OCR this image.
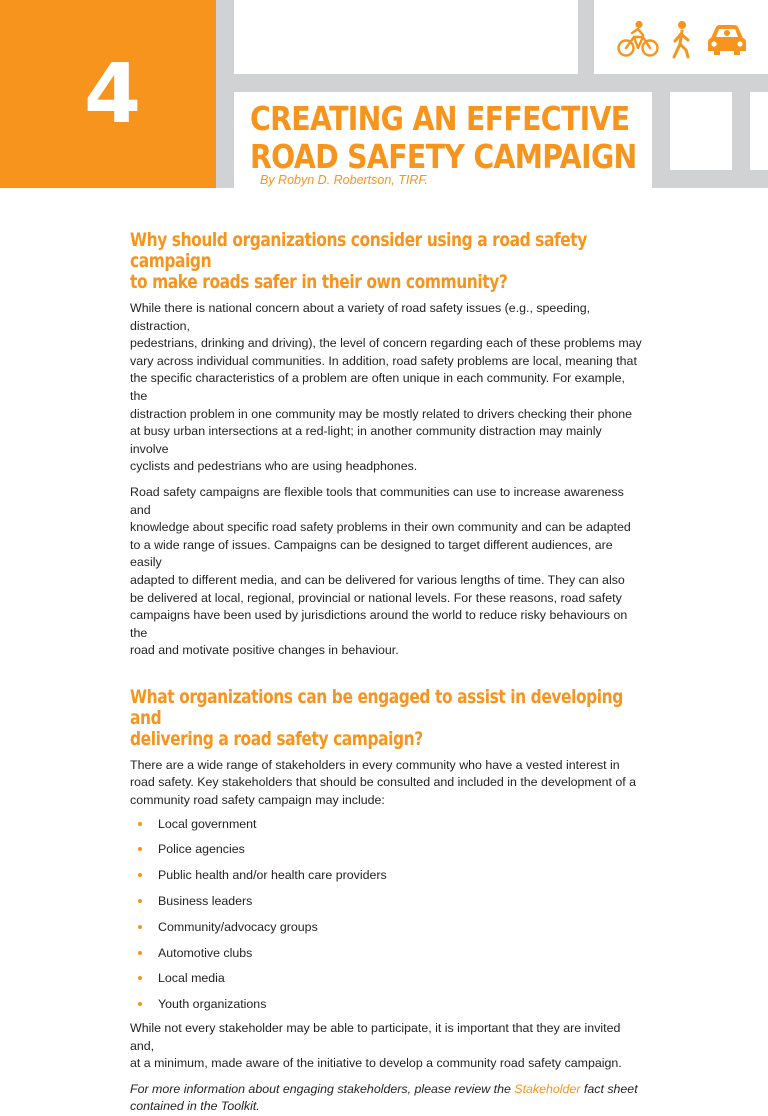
4	CREATING AN EFFECTIVE
ROAD SAFETY CAMPAIGN

By Robyn D. Robertson, TIRF.

Why should organizations consider using a road safety campaign
to make roads safer in their own community?

While there is national concern about a variety of road safety issues (e.g., speeding, distraction,
pedestrians, drinking and driving), the level of concern regarding each of these problems may
vary across individual communities. In addition, road safety problems are local, meaning that
the specific characteristics of a problem are often unique in each community. For example, the
distraction problem in one community may be mostly related to drivers checking their phone
at busy urban intersections at a red-light; in another community distraction may mainly involve
cyclists and pedestrians who are using headphones.

Road safety campaigns are flexible tools that communities can use to increase awareness and
knowledge about specific road safety problems in their own community and can be adapted
to a wide range of issues. Campaigns can be designed to target different audiences, are easily
adapted to different media, and can be delivered for various lengths of time. They can also
be delivered at local, regional, provincial or national levels. For these reasons, road safety
campaigns have been used by jurisdictions around the world to reduce risky behaviours on the
road and motivate positive changes in behaviour.

What organizations can be engaged to assist in developing and
delivering a road safety campaign?

There are a wide range of stakeholders in every community who have a vested interest in
road safety. Key stakeholders that should be consulted and included in the development of a
community road safety campaign may include:

Local government
Police agencies
Public health and/or health care providers
Business leaders
Community/advocacy groups
Automotive clubs
Local media
Youth organizations

While not every stakeholder may be able to participate, it is important that they are invited and,
at a minimum, made aware of the initiative to develop a community road safety campaign.

For more information about engaging stakeholders, please review the Stakeholder fact sheet
contained in the Toolkit.
